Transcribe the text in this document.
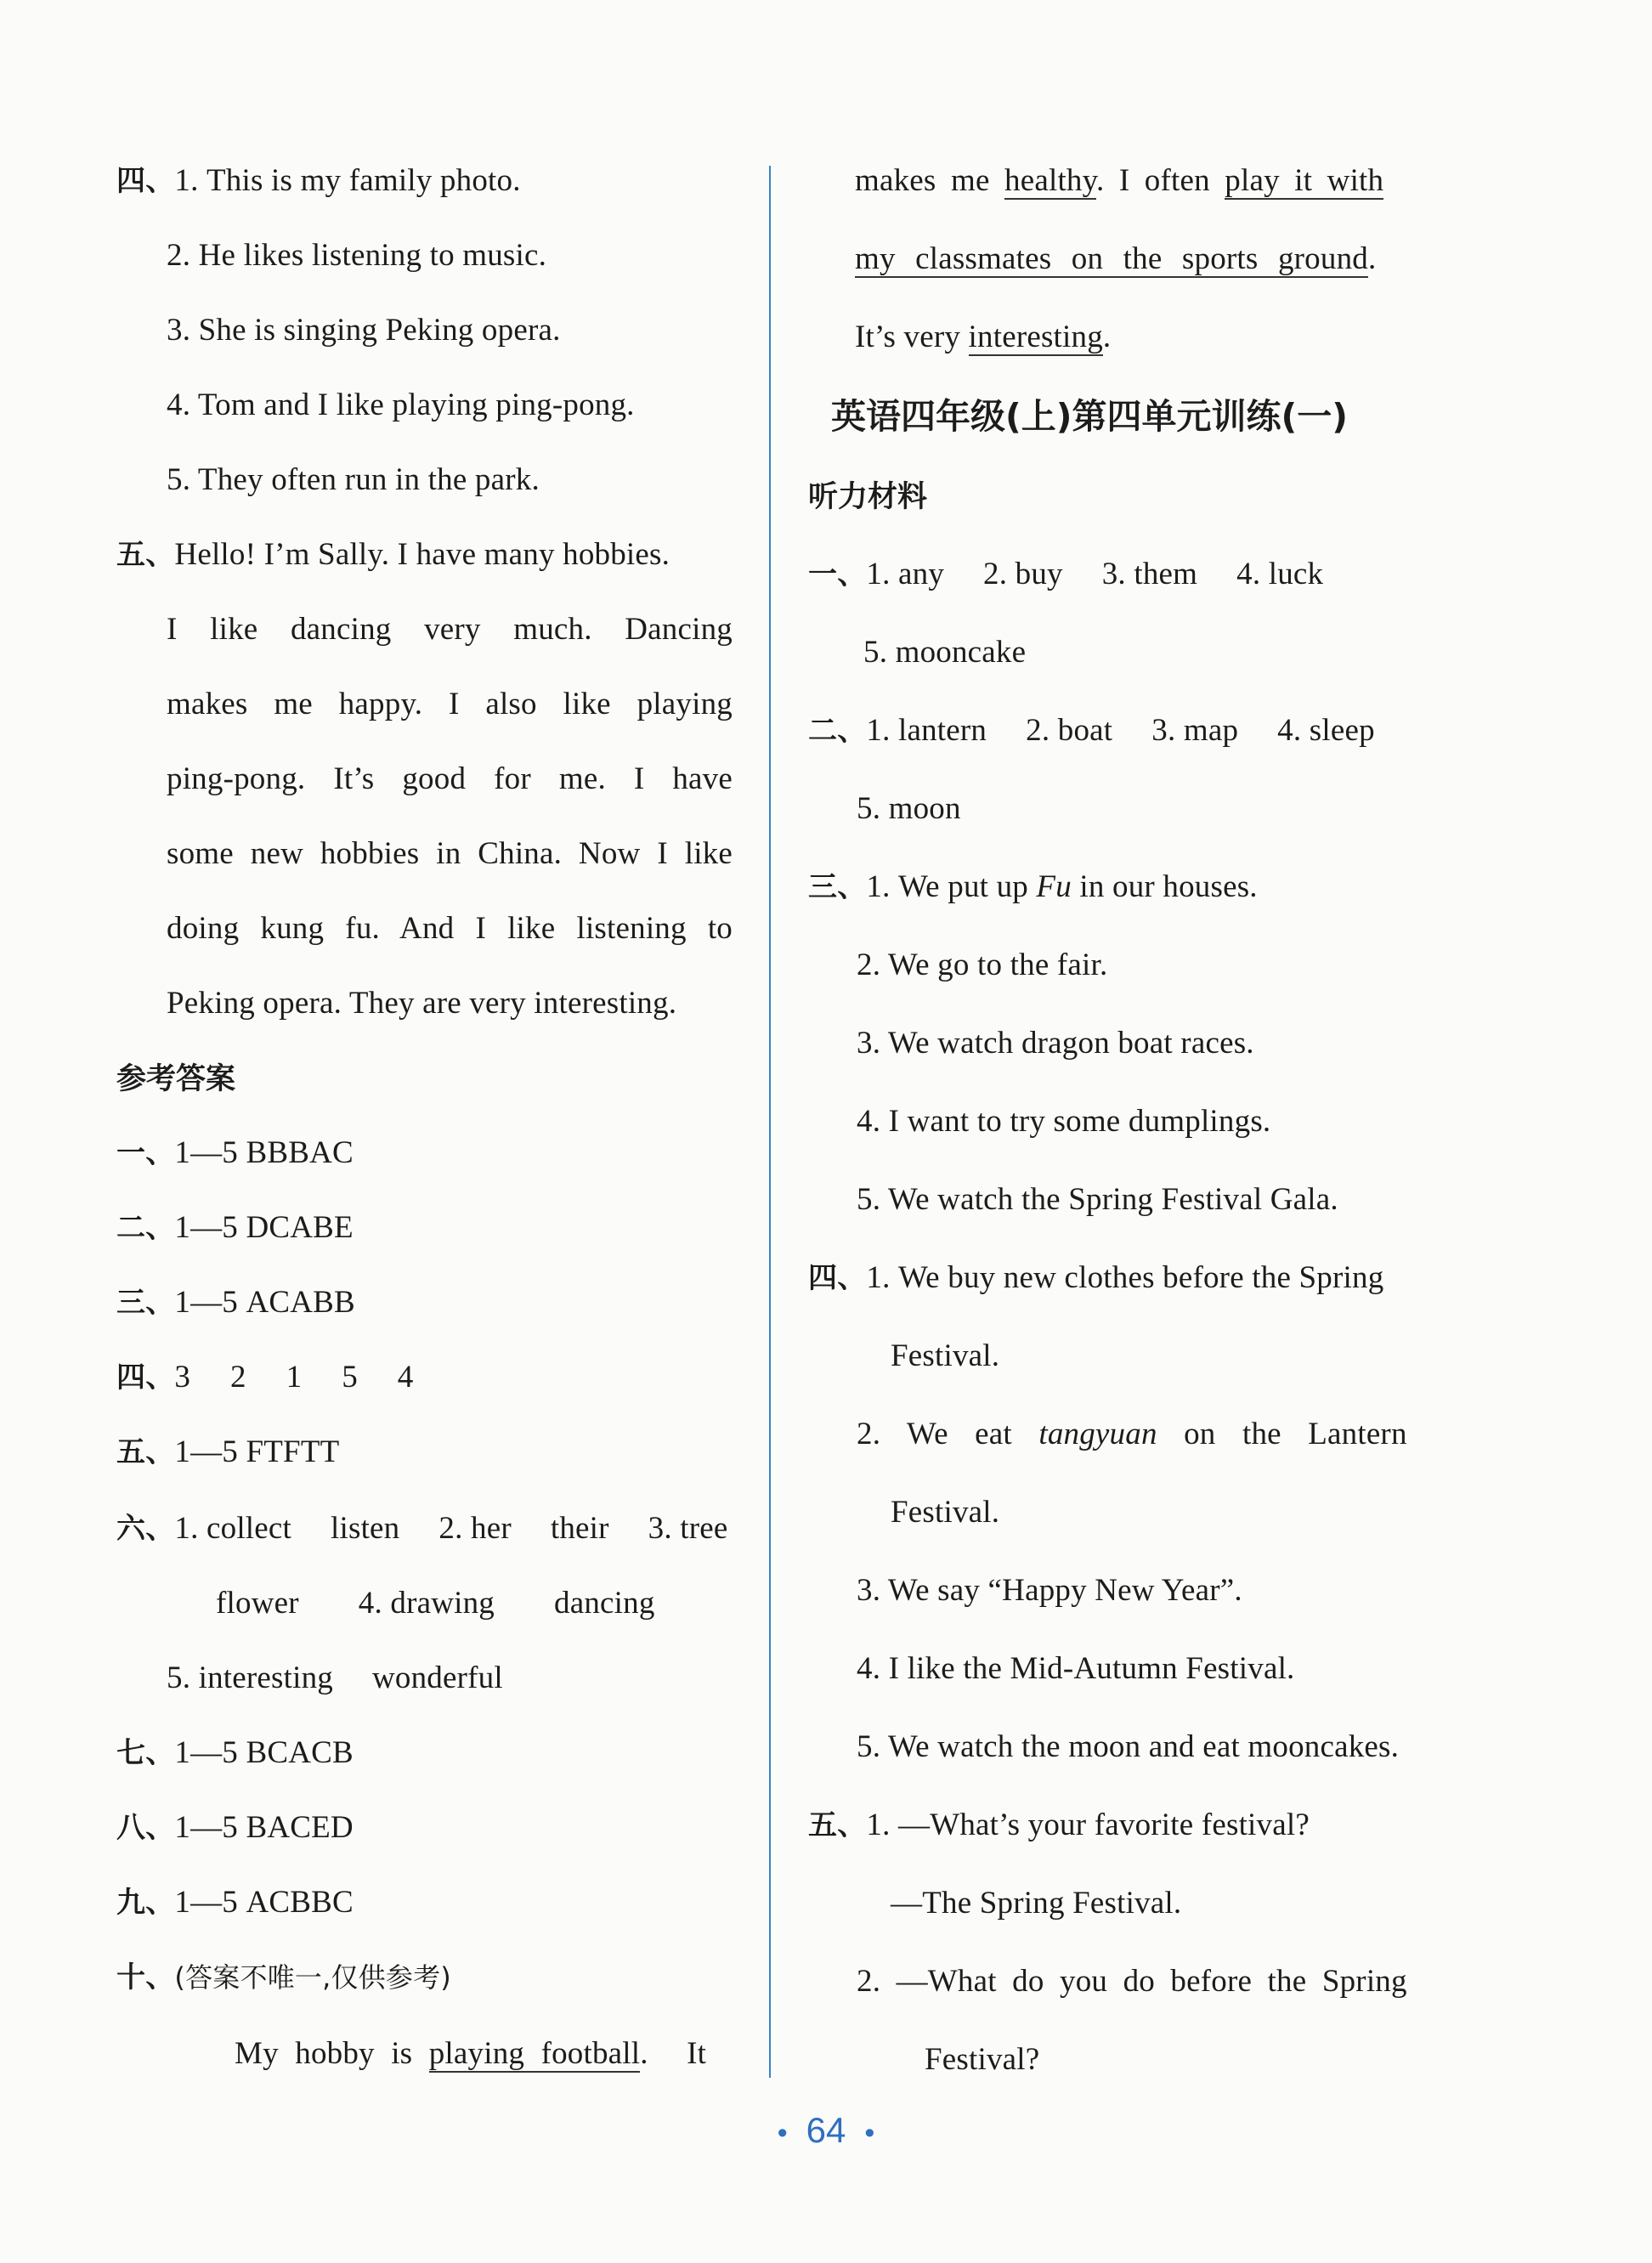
四、1. This is my family photo.
2. He likes listening to music.
3. She is singing Peking opera.
4. Tom and I like playing ping-pong.
5. They often run in the park.
五、Hello! I’m Sally. I have many hobbies.
I like dancing very much. Dancing
makes me happy. I also like playing
ping-pong. It’s good for me. I have
some new hobbies in China. Now I like
doing kung fu. And I like listening to
Peking opera. They are very interesting.
参考答案
一、1—5 BBBAC
二、1—5 DCABE
三、1—5 ACABB
四、3  2  1  5  4
五、1—5 FTFTT
六、1. collect listen 2. her their 3. tree
flower 4. drawing dancing
5. interesting wonderful
七、1—5 BCACB
八、1—5 BACED
九、1—5 ACBBC
十、(答案不唯一,仅供参考)
My hobby is playing football. It
makes me healthy. I often play it with
my classmates on the sports ground.
It’s very interesting.
英语四年级(上)第四单元训练(一)
听力材料
一、1. any 2. buy 3. them 4. luck
5. mooncake
二、1. lantern 2. boat 3. map 4. sleep
5. moon
三、1. We put up Fu in our houses.
2. We go to the fair.
3. We watch dragon boat races.
4. I want to try some dumplings.
5. We watch the Spring Festival Gala.
四、1. We buy new clothes before the Spring
Festival.
2. We eat tangyuan on the Lantern
Festival.
3. We say “Happy New Year”.
4. I like the Mid-Autumn Festival.
5. We watch the moon and eat mooncakes.
五、1. —What’s your favorite festival?
—The Spring Festival.
2. —What do you do before the Spring
Festival?
• 64 •
